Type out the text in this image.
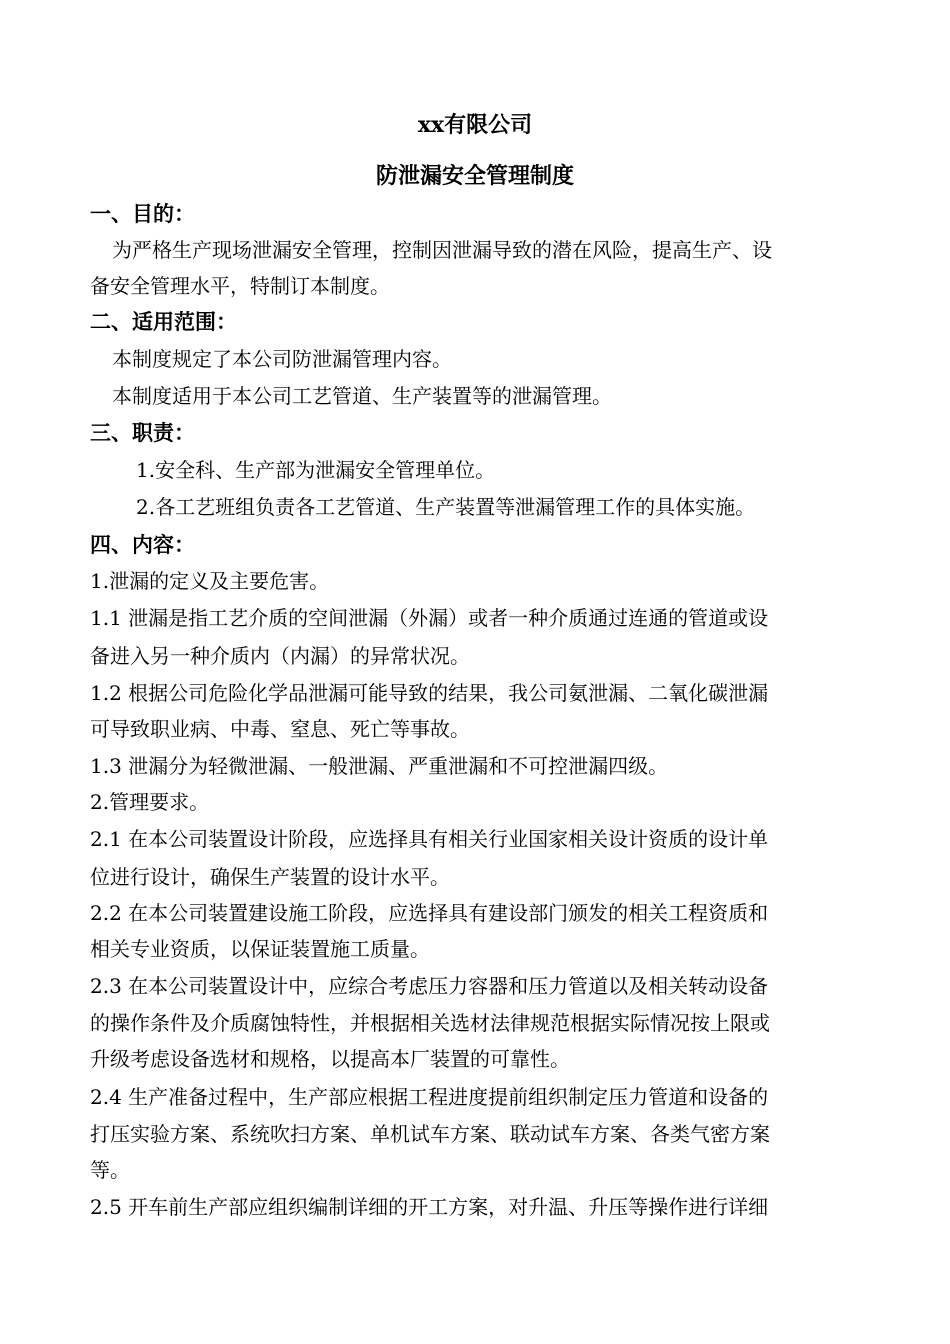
xx有限公司
防泄漏安全管理制度
一、目的：
为严格生产现场泄漏安全管理，控制因泄漏导致的潜在风险，提高生产、设
备安全管理水平，特制订本制度。
二、适用范围：
本制度规定了本公司防泄漏管理内容。
本制度适用于本公司工艺管道、生产装置等的泄漏管理。
三、职责：
1.安全科、生产部为泄漏安全管理单位。
2.各工艺班组负责各工艺管道、生产装置等泄漏管理工作的具体实施。
四、内容：
1.泄漏的定义及主要危害。
1.1 泄漏是指工艺介质的空间泄漏（外漏）或者一种介质通过连通的管道或设
备进入另一种介质内（内漏）的异常状况。
1.2 根据公司危险化学品泄漏可能导致的结果，我公司氨泄漏、二氧化碳泄漏
可导致职业病、中毒、窒息、死亡等事故。
1.3 泄漏分为轻微泄漏、一般泄漏、严重泄漏和不可控泄漏四级。
2.管理要求。
2.1 在本公司装置设计阶段，应选择具有相关行业国家相关设计资质的设计单
位进行设计，确保生产装置的设计水平。
2.2 在本公司装置建设施工阶段，应选择具有建设部门颁发的相关工程资质和
相关专业资质，以保证装置施工质量。
2.3 在本公司装置设计中，应综合考虑压力容器和压力管道以及相关转动设备
的操作条件及介质腐蚀特性，并根据相关选材法律规范根据实际情况按上限或
升级考虑设备选材和规格，以提高本厂装置的可靠性。
2.4 生产准备过程中，生产部应根据工程进度提前组织制定压力管道和设备的
打压实验方案、系统吹扫方案、单机试车方案、联动试车方案、各类气密方案
等。
2.5 开车前生产部应组织编制详细的开工方案，对升温、升压等操作进行详细
